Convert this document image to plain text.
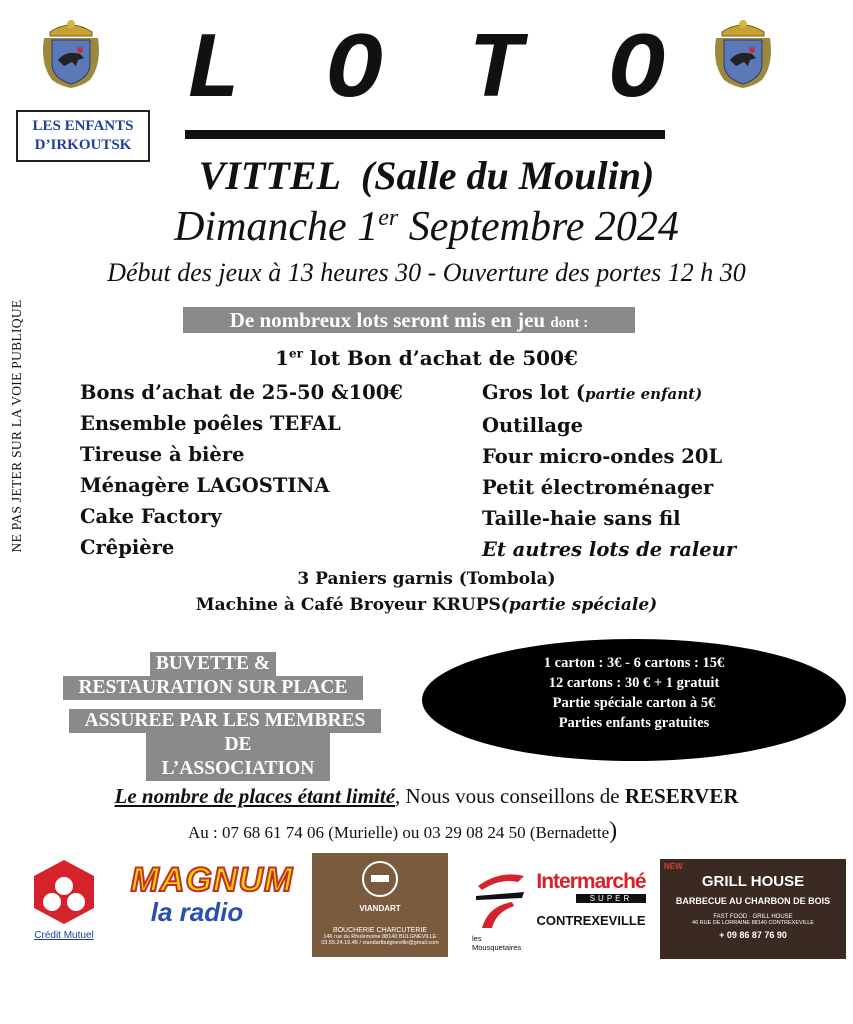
LES ENFANTS
D’IRKOUTSK
L O T O
VITTEL (Salle du Moulin)
Dimanche 1er Septembre 2024
Début des jeux à 13 heures 30 - Ouverture des portes 12 h 30
NE PAS JETER SUR LA VOIE PUBLIQUE	De nombreux lots seront mis en jeu dont :
1er lot Bon d’achat de 500€
Bons d’achat de 25-50 &100€
Ensemble poêles TEFAL
Tireuse à bière
Ménagère LAGOSTINA
Cake Factory
Crêpière
Gros lot (partie enfant)
Outillage
Four micro-ondes 20L
Petit électroménager
Taille-haie sans fil
Et autres lots de raleur
3 Paniers garnis (Tombola)
Machine à Café Broyeur KRUPS(partie spéciale)
BUVETTE &
RESTAURATION SUR PLACE
ASSUREE PAR LES MEMBRES
DE L’ASSOCIATION
1 carton : 3€ - 6 cartons : 15€
12 cartons : 30 € + 1 gratuit
Partie spéciale carton à 5€
Parties enfants gratuites
Le nombre de places étant limité, Nous vous conseillons de RESERVER
Au : 07 68 61 74 06 (Murielle) ou 03 29 08 24 50 (Bernadette)
Crédit Mutuel
MAGNUM
la radio	VIANDART
BOUCHERIE CHARCUTERIE
146 rue du Rhulemoine 88140 BULGNEVILLE
03.55.24.16.45 / viandartbulgneville@gmail.com	les Mousquetaires
Intermarché
SUPER
CONTREXEVILLE
NEW
GRILL HOUSE
BARBECUE AU CHARBON DE BOIS
FAST FOOD · GRILL HOUSE
46 RUE DE LORRAINE 88140 CONTREXEVILLE
+ 09 86 87 76 90
